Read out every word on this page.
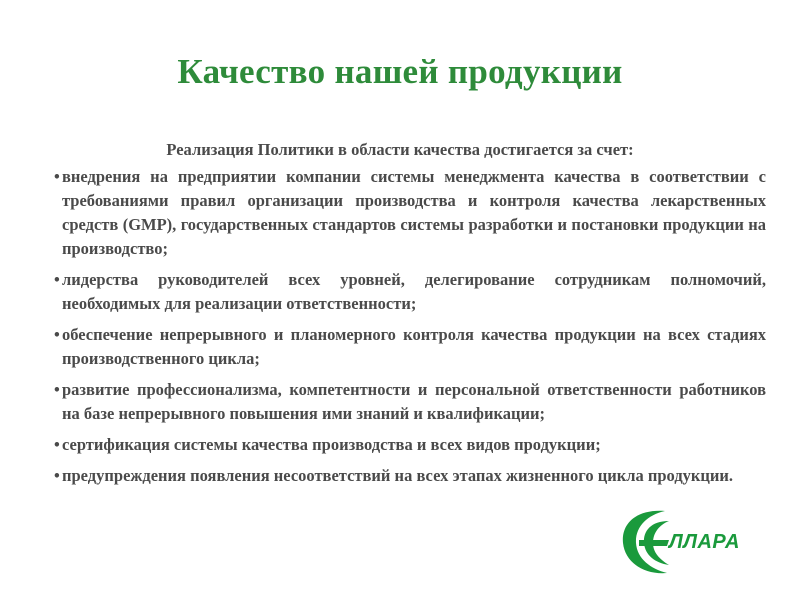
Качество нашей продукции
Реализация Политики в области качества достигается за счет:
• внедрения на предприятии компании системы менеджмента качества в соответствии с требованиями правил организации производства и контроля качества лекарственных средств (GMP), государственных стандартов системы разработки и постановки продукции на производство;
• лидерства руководителей всех уровней, делегирование сотрудникам полномочий, необходимых для реализации ответственности;
• обеспечение непрерывного и планомерного контроля качества продукции на всех стадиях производственного цикла;
• развитие профессионализма, компетентности и персональной ответственности работников на базе непрерывного повышения ими знаний и квалификации;
• сертификация системы качества производства и всех видов продукции;
• предупреждения появления несоответствий на всех этапах жизненного цикла продукции.
ЛЛАРА
